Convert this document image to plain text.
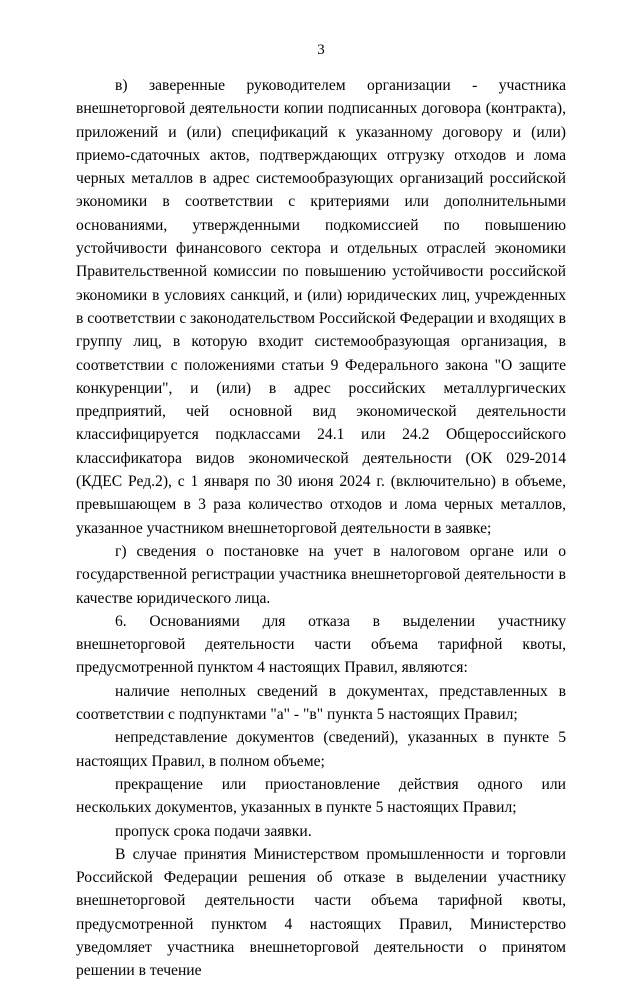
3

в) заверенные руководителем организации - участника внешнеторговой деятельности копии подписанных договора (контракта), приложений и (или) спецификаций к указанному договору и (или) приемо-сдаточных актов, подтверждающих отгрузку отходов и лома черных металлов в адрес системообразующих организаций российской экономики в соответствии с критериями или дополнительными основаниями, утвержденными подкомиссией по повышению устойчивости финансового сектора и отдельных отраслей экономики Правительственной комиссии по повышению устойчивости российской экономики в условиях санкций, и (или) юридических лиц, учрежденных в соответствии с законодательством Российской Федерации и входящих в группу лиц, в которую входит системообразующая организация, в соответствии с положениями статьи 9 Федерального закона "О защите конкуренции", и (или) в адрес российских металлургических предприятий, чей основной вид экономической деятельности классифицируется подклассами 24.1 или 24.2 Общероссийского классификатора видов экономической деятельности (ОК 029-2014 (КДЕС Ред.2), с 1 января по 30 июня 2024 г. (включительно) в объеме, превышающем в 3 раза количество отходов и лома черных металлов, указанное участником внешнеторговой деятельности в заявке;

г) сведения о постановке на учет в налоговом органе или о государственной регистрации участника внешнеторговой деятельности в качестве юридического лица.

6. Основаниями для отказа в выделении участнику внешнеторговой деятельности части объема тарифной квоты, предусмотренной пунктом 4 настоящих Правил, являются:

наличие неполных сведений в документах, представленных в соответствии с подпунктами "а" - "в" пункта 5 настоящих Правил;

непредставление документов (сведений), указанных в пункте 5 настоящих Правил, в полном объеме;

прекращение или приостановление действия одного или нескольких документов, указанных в пункте 5 настоящих Правил;

пропуск срока подачи заявки.

В случае принятия Министерством промышленности и торговли Российской Федерации решения об отказе в выделении участнику внешнеторговой деятельности части объема тарифной квоты, предусмотренной пунктом 4 настоящих Правил, Министерство уведомляет участника внешнеторговой деятельности о принятом решении в течение
